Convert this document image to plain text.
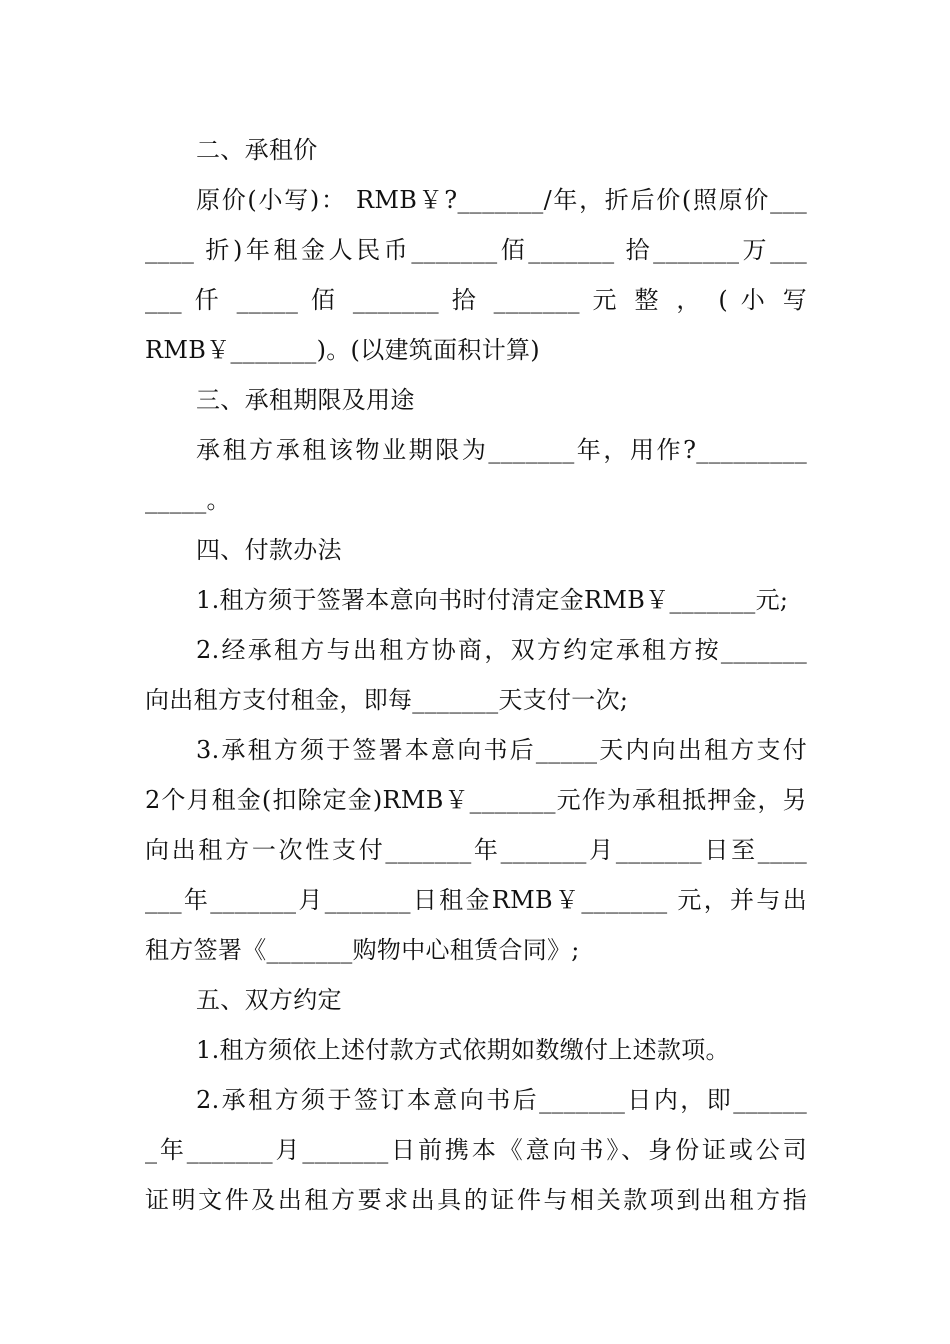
二、承租价
原价(小写)： RMB￥?_______/年，折后价(照原价___
____ 折)年租金人民币_______佰_______ 拾_______万___
___ 仟 _____ 佰 _______ 拾 _______ 元 整 ， ( 小 写
RMB￥_______)。(以建筑面积计算)
三、承租期限及用途
承租方承租该物业期限为_______年，用作?_________
_____。
四、付款办法
1.租方须于签署本意向书时付清定金RMB￥_______元;
2.经承租方与出租方协商，双方约定承租方按_______
向出租方支付租金，即每_______天支付一次;
3.承租方须于签署本意向书后_____天内向出租方支付
2个月租金(扣除定金)RMB￥_______元作为承租抵押金，另
向出租方一次性支付_______年_______月_______日至____
___年_______月_______日租金RMB￥_______ 元，并与出
租方签署《_______购物中心租赁合同》;
五、双方约定
1.租方须依上述付款方式依期如数缴付上述款项。
2.承租方须于签订本意向书后_______日内，即______
_年_______月_______日前携本《意向书》、身份证或公司
证明文件及出租方要求出具的证件与相关款项到出租方指
